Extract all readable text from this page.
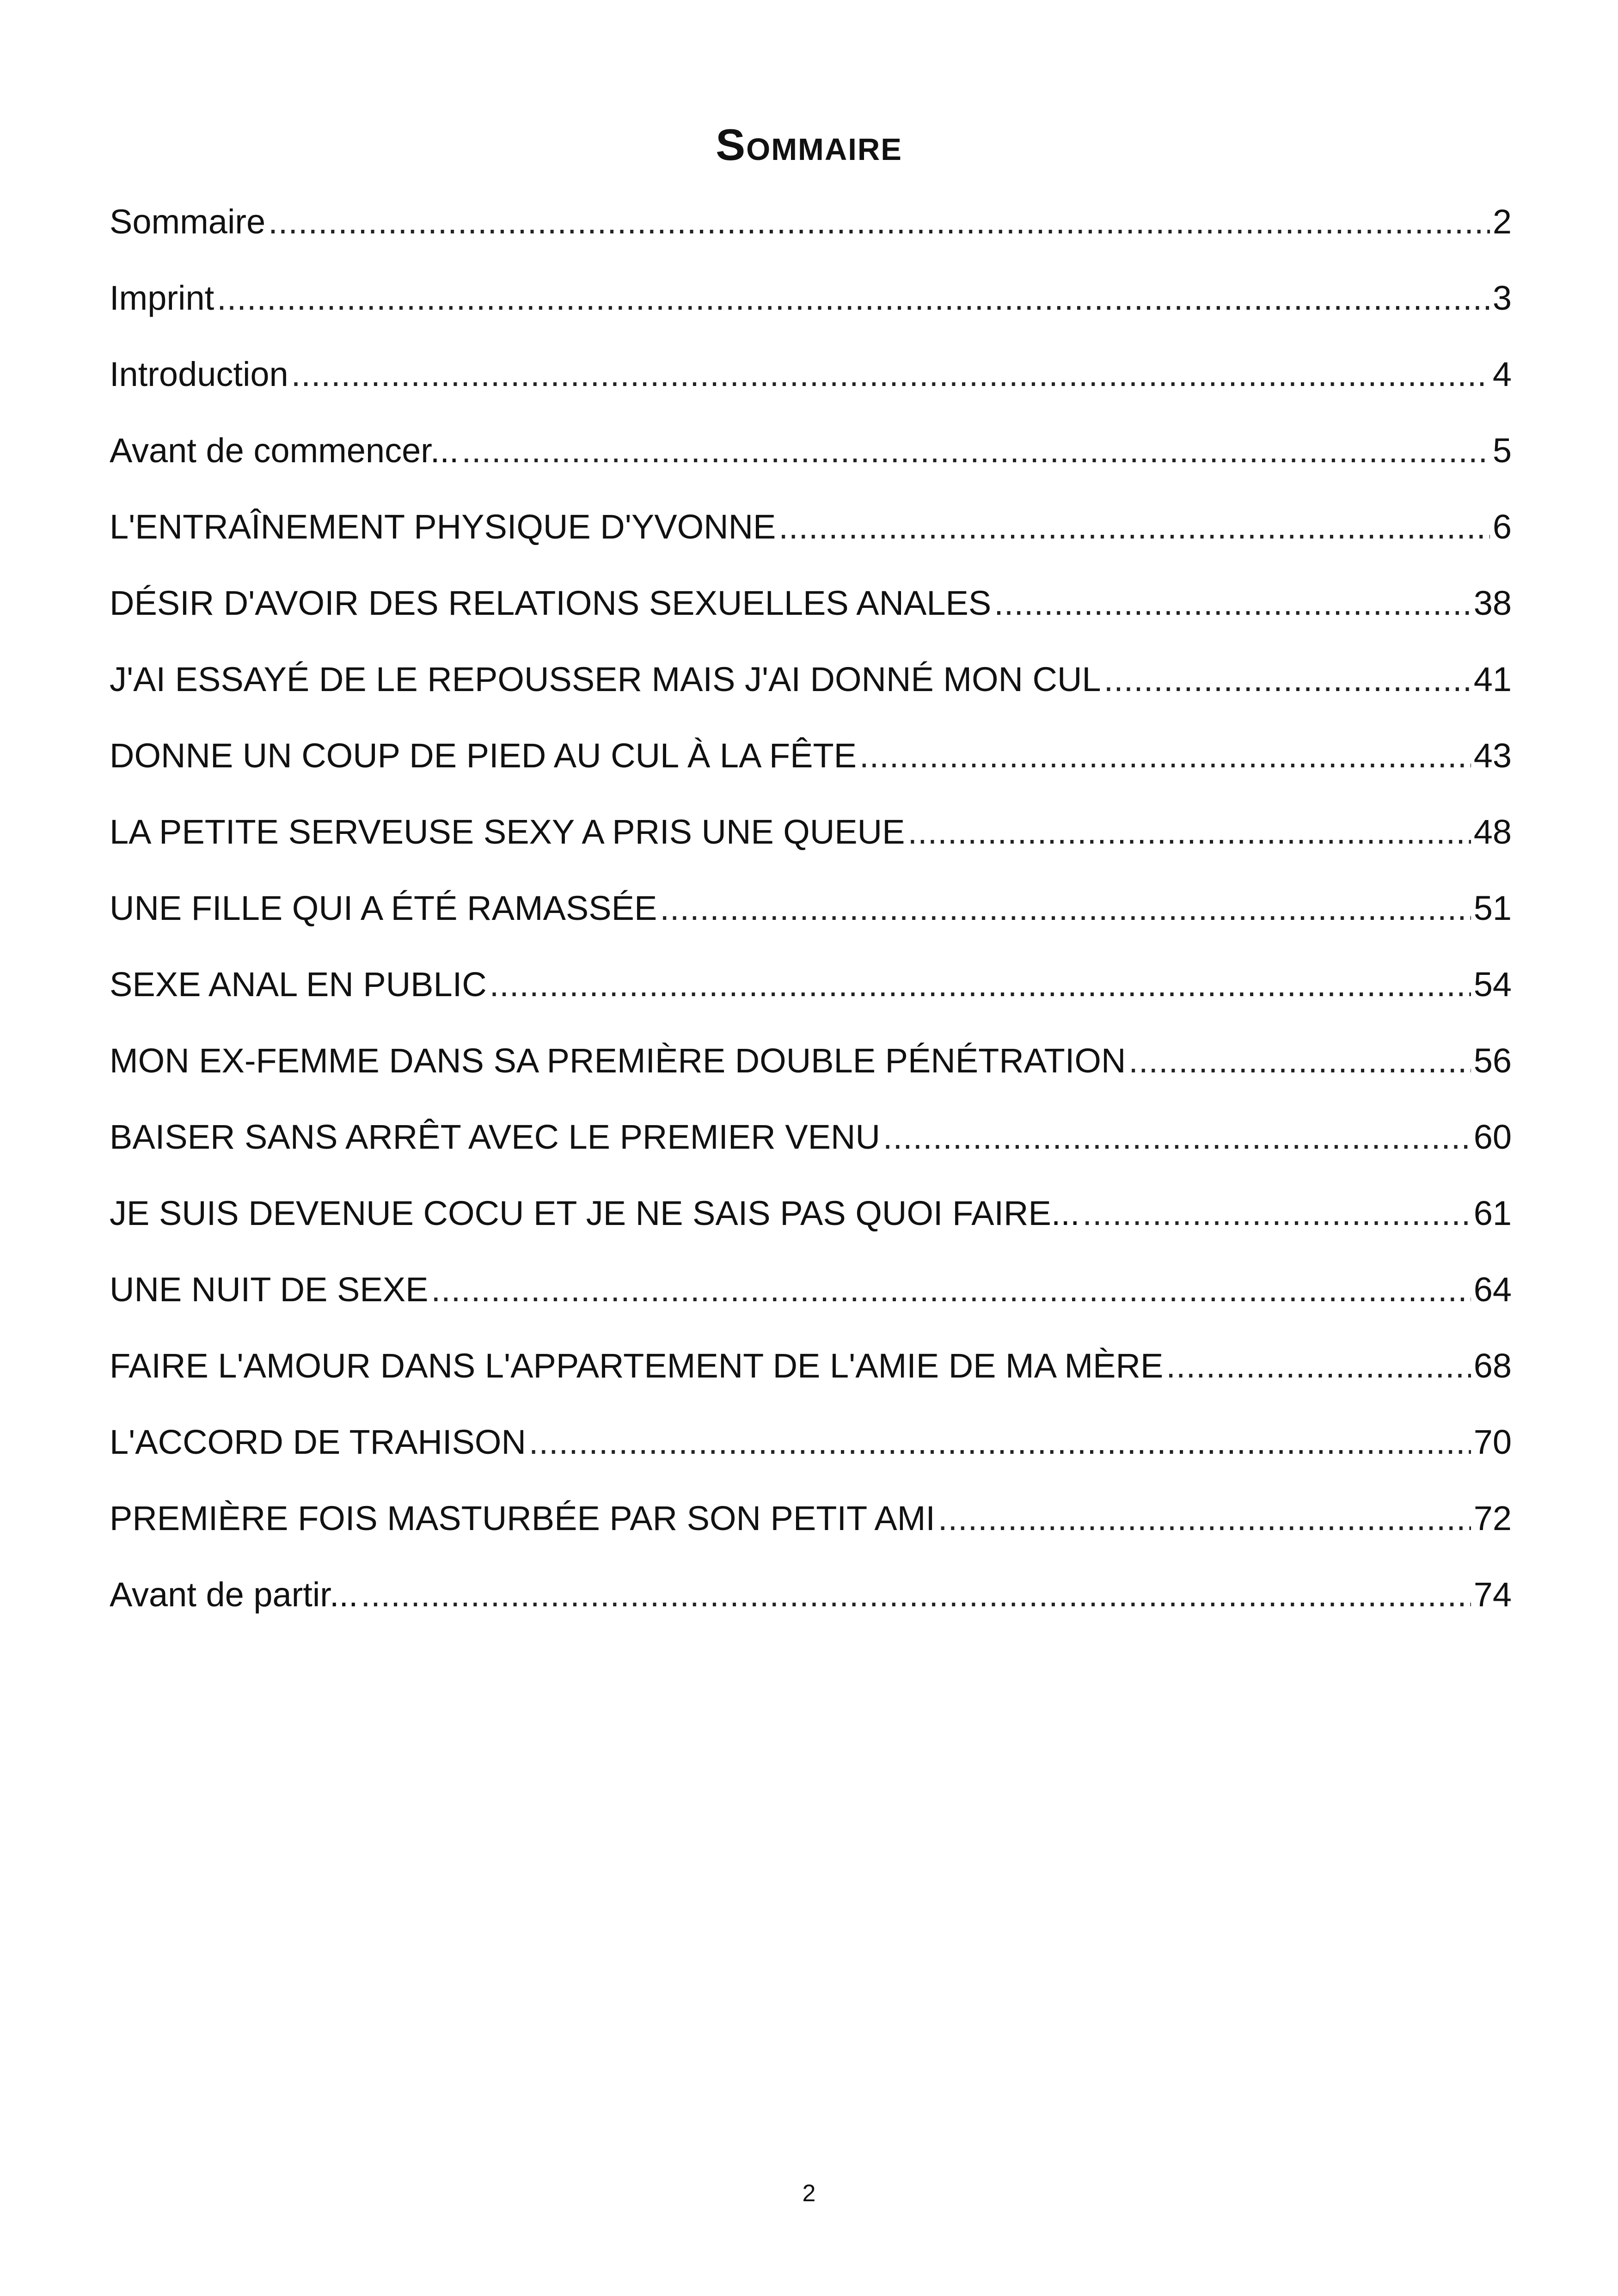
Sommaire
Sommaire .....	2
Imprint .....	3
Introduction .....	4
Avant de commencer... .....	5
L'ENTRAÎNEMENT PHYSIQUE D'YVONNE .....	6
DÉSIR D'AVOIR DES RELATIONS SEXUELLES ANALES .....	38
J'AI ESSAYÉ DE LE REPOUSSER MAIS J'AI DONNÉ MON CUL .....	41
DONNE UN COUP DE PIED AU CUL À LA FÊTE .....	43
LA PETITE SERVEUSE SEXY A PRIS UNE QUEUE .....	48
UNE FILLE QUI A ÉTÉ RAMASSÉE .....	51
SEXE ANAL EN PUBLIC .....	54
MON EX-FEMME DANS SA PREMIÈRE DOUBLE PÉNÉTRATION .....	56
BAISER SANS ARRÊT AVEC LE PREMIER VENU .....	60
JE SUIS DEVENUE COCU ET JE NE SAIS PAS QUOI FAIRE... .....	61
UNE NUIT DE SEXE .....	64
FAIRE L'AMOUR DANS L'APPARTEMENT DE L'AMIE DE MA MÈRE .....	68
L'ACCORD DE TRAHISON .....	70
PREMIÈRE FOIS MASTURBÉE PAR SON PETIT AMI .....	72
Avant de partir... .....	74
2
